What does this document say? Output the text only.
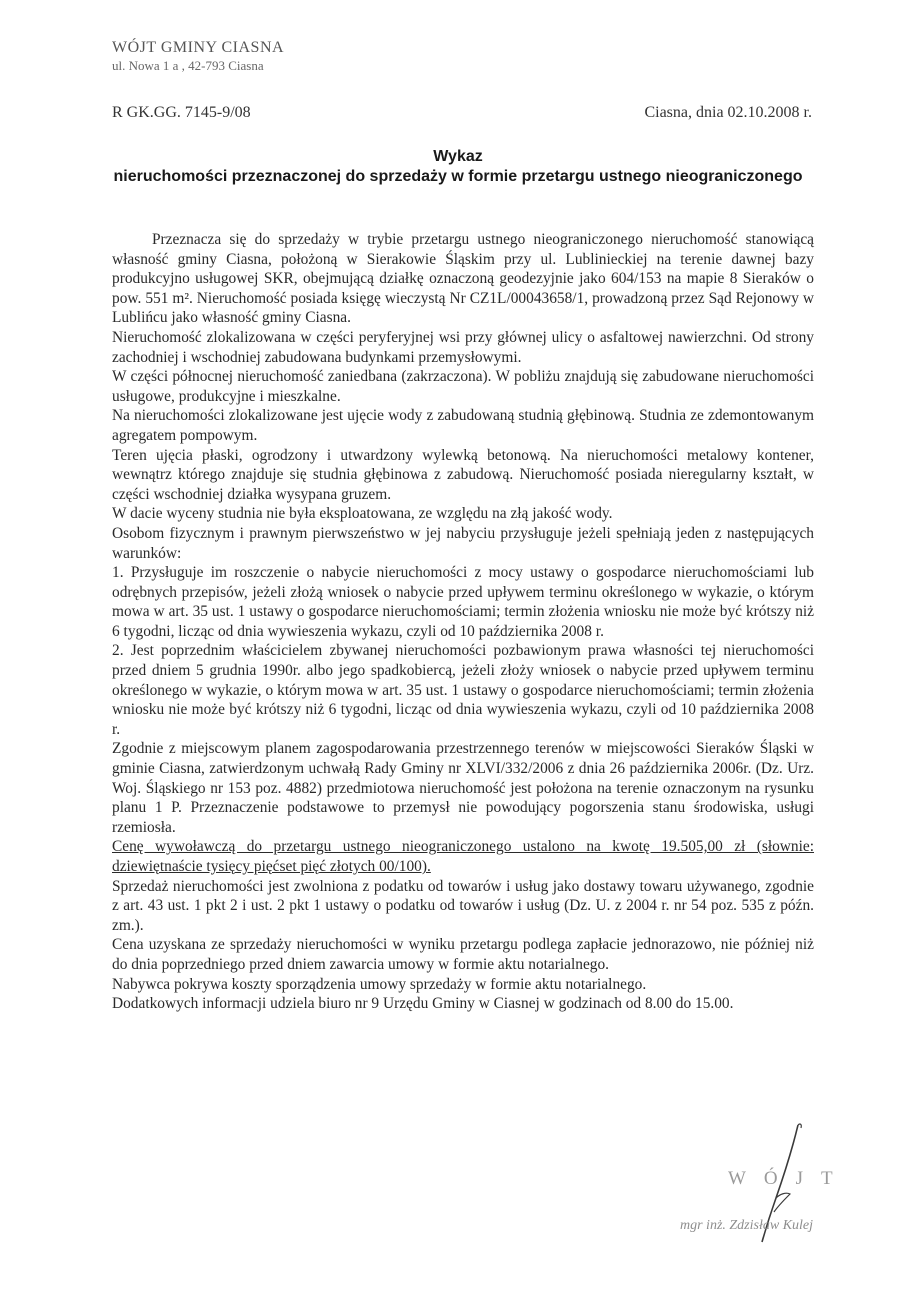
WÓJT GMINY CIASNA
ul. Nowa 1 a , 42-793 Ciasna
R GK.GG. 7145-9/08	Ciasna, dnia 02.10.2008 r.
Wykaz
nieruchomości przeznaczonej do sprzedaży w formie przetargu ustnego nieograniczonego

Przeznacza się do sprzedaży w trybie przetargu ustnego nieograniczonego nieruchomość stanowiącą własność gminy Ciasna, położoną w Sierakowie Śląskim przy ul. Lublinieckiej na terenie dawnej bazy produkcyjno usługowej SKR, obejmującą działkę oznaczoną geodezyjnie jako 604/153 na mapie 8 Sieraków o pow. 551 m². Nieruchomość posiada księgę wieczystą Nr CZ1L/00043658/1, prowadzoną przez Sąd Rejonowy w Lublińcu jako własność gminy Ciasna.

Nieruchomość zlokalizowana w części peryferyjnej wsi przy głównej ulicy o asfaltowej nawierzchni. Od strony zachodniej i wschodniej zabudowana budynkami przemysłowymi.

W części północnej nieruchomość zaniedbana (zakrzaczona). W pobliżu znajdują się zabudowane nieruchomości usługowe, produkcyjne i mieszkalne.

Na nieruchomości zlokalizowane jest ujęcie wody z zabudowaną studnią głębinową. Studnia ze zdemontowanym agregatem pompowym.

Teren ujęcia płaski, ogrodzony i utwardzony wylewką betonową. Na nieruchomości metalowy kontener, wewnątrz którego znajduje się studnia głębinowa z zabudową. Nieruchomość posiada nieregularny kształt, w części wschodniej działka wysypana gruzem.

W dacie wyceny studnia nie była eksploatowana, ze względu na złą jakość wody.

Osobom fizycznym i prawnym pierwszeństwo w jej nabyciu przysługuje jeżeli spełniają jeden z następujących warunków:

1. Przysługuje im roszczenie o nabycie nieruchomości z mocy ustawy o gospodarce nieruchomościami lub odrębnych przepisów, jeżeli złożą wniosek o nabycie przed upływem terminu określonego w wykazie, o którym mowa w art. 35 ust. 1 ustawy o gospodarce nieruchomościami; termin złożenia wniosku nie może być krótszy niż 6 tygodni, licząc od dnia wywieszenia wykazu, czyli od 10 października 2008 r.

2. Jest poprzednim właścicielem zbywanej nieruchomości pozbawionym prawa własności tej nieruchomości przed dniem 5 grudnia 1990r. albo jego spadkobiercą, jeżeli złoży wniosek o nabycie przed upływem terminu określonego w wykazie, o którym mowa w art. 35 ust. 1 ustawy o gospodarce nieruchomościami; termin złożenia wniosku nie może być krótszy niż 6 tygodni, licząc od dnia wywieszenia wykazu, czyli od 10 października 2008 r.

Zgodnie z miejscowym planem zagospodarowania przestrzennego terenów w miejscowości Sieraków Śląski w gminie Ciasna, zatwierdzonym uchwałą Rady Gminy nr XLVI/332/2006 z dnia 26 października 2006r. (Dz. Urz. Woj. Śląskiego nr 153 poz. 4882) przedmiotowa nieruchomość jest położona na terenie oznaczonym na rysunku planu 1 P. Przeznaczenie podstawowe to przemysł nie powodujący pogorszenia stanu środowiska, usługi rzemiosła.

Cenę wywoławczą do przetargu ustnego nieograniczonego ustalono na kwotę 19.505,00 zł (słownie: dziewiętnaście tysięcy pięćset pięć złotych 00/100).

Sprzedaż nieruchomości jest zwolniona z podatku od towarów i usług jako dostawy towaru używanego, zgodnie z art. 43 ust. 1 pkt 2 i ust. 2 pkt 1 ustawy o podatku od towarów i usług (Dz. U. z 2004 r. nr 54 poz. 535 z późn. zm.).

Cena uzyskana ze sprzedaży nieruchomości w wyniku przetargu podlega zapłacie jednorazowo, nie później niż do dnia poprzedniego przed dniem zawarcia umowy w formie aktu notarialnego.

Nabywca pokrywa koszty sporządzenia umowy sprzedaży w formie aktu notarialnego.

Dodatkowych informacji udziela biuro nr 9 Urzędu Gminy w Ciasnej w godzinach od 8.00 do 15.00.

WÓJT
mgr inż. Zdzisław Kulej
